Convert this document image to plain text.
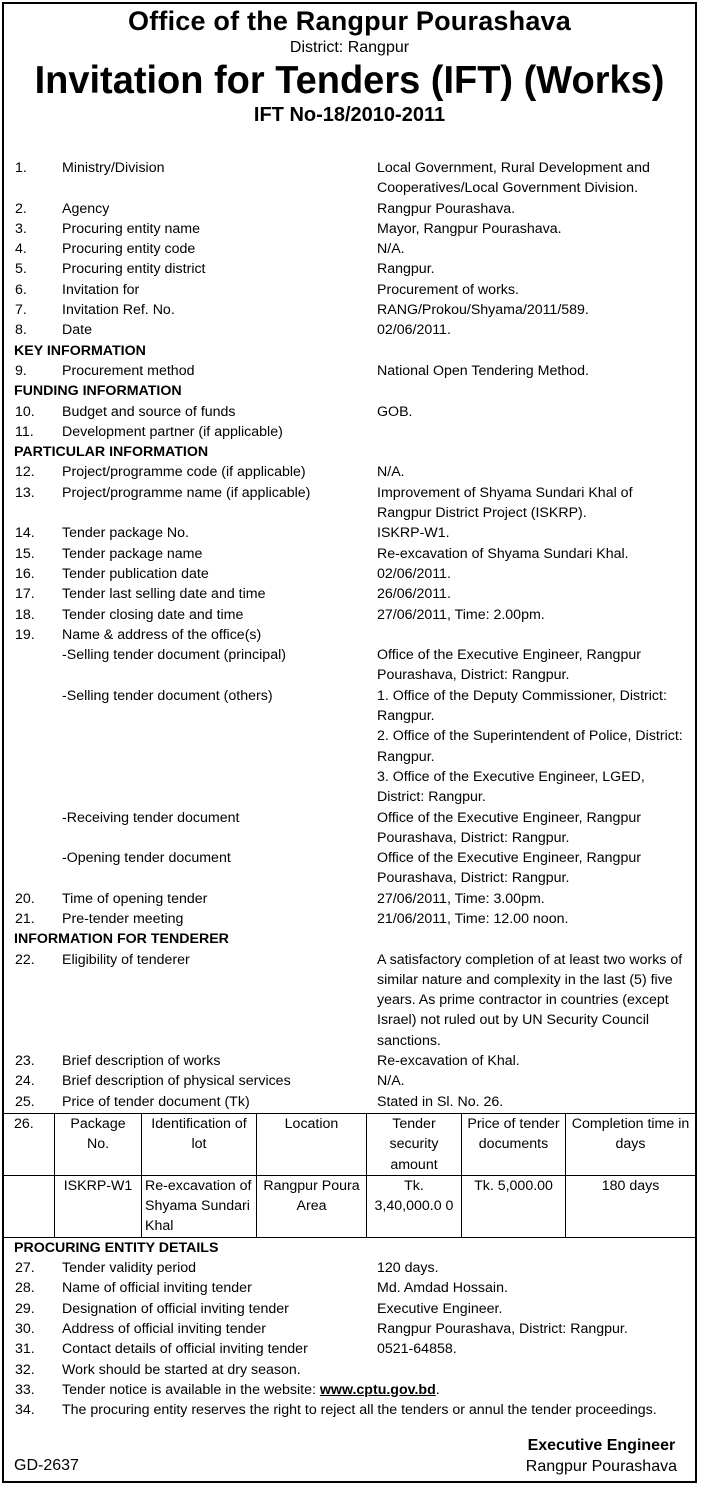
Office of the Rangpur Pourashava
District: Rangpur
Invitation for Tenders (IFT) (Works)
IFT No-18/2010-2011
1. Ministry/Division	Local Government, Rural Development and Cooperatives/Local Government Division.
2. Agency	Rangpur Pourashava.
3. Procuring entity name	Mayor, Rangpur Pourashava.
4. Procuring entity code	N/A.
5. Procuring entity district	Rangpur.
6. Invitation for	Procurement of works.
7. Invitation Ref. No.	RANG/Prokou/Shyama/2011/589.
8. Date	02/06/2011.
KEY INFORMATION
9. Procurement method	National Open Tendering Method.
FUNDING INFORMATION
10. Budget and source of funds	GOB.
11. Development partner (if applicable)
PARTICULAR INFORMATION
12. Project/programme code (if applicable)	N/A.
13. Project/programme name (if applicable)	Improvement of Shyama Sundari Khal of Rangpur District Project (ISKRP).
14. Tender package No.	ISKRP-W1.
15. Tender package name	Re-excavation of Shyama Sundari Khal.
16. Tender publication date	02/06/2011.
17. Tender last selling date and time	26/06/2011.
18. Tender closing date and time	27/06/2011, Time: 2.00pm.
19. Name & address of the office(s)
-Selling tender document (principal)	Office of the Executive Engineer, Rangpur Pourashava, District: Rangpur.
-Selling tender document (others)	1. Office of the Deputy Commissioner, District: Rangpur.
2. Office of the Superintendent of Police, District: Rangpur.
3. Office of the Executive Engineer, LGED, District: Rangpur.
-Receiving tender document	Office of the Executive Engineer, Rangpur Pourashava, District: Rangpur.
-Opening tender document	Office of the Executive Engineer, Rangpur Pourashava, District: Rangpur.
20. Time of opening tender	27/06/2011, Time: 3.00pm.
21. Pre-tender meeting	21/06/2011, Time: 12.00 noon.
INFORMATION FOR TENDERER
22. Eligibility of tenderer	A satisfactory completion of at least two works of similar nature and complexity in the last (5) five years. As prime contractor in countries (except Israel) not ruled out by UN Security Council sanctions.
23. Brief description of works	Re-excavation of Khal.
24. Brief description of physical services	N/A.
25. Price of tender document (Tk)	Stated in Sl. No. 26.
26.	Package No.	Identification of lot	Location	Tender security amount	Price of tender documents	Completion time in days
	ISKRP-W1	Re-excavation of Shyama Sundari Khal	Rangpur Poura Area	Tk. 3,40,000.0 0	Tk. 5,000.00	180 days
PROCURING ENTITY DETAILS
27. Tender validity period	120 days.
28. Name of official inviting tender	Md. Amdad Hossain.
29. Designation of official inviting tender	Executive Engineer.
30. Address of official inviting tender	Rangpur Pourashava, District: Rangpur.
31. Contact details of official inviting tender	0521-64858.
32. Work should be started at dry season.
33. Tender notice is available in the website: www.cptu.gov.bd.
34. The procuring entity reserves the right to reject all the tenders or annul the tender proceedings.
GD-2637
Executive Engineer
Rangpur Pourashava
